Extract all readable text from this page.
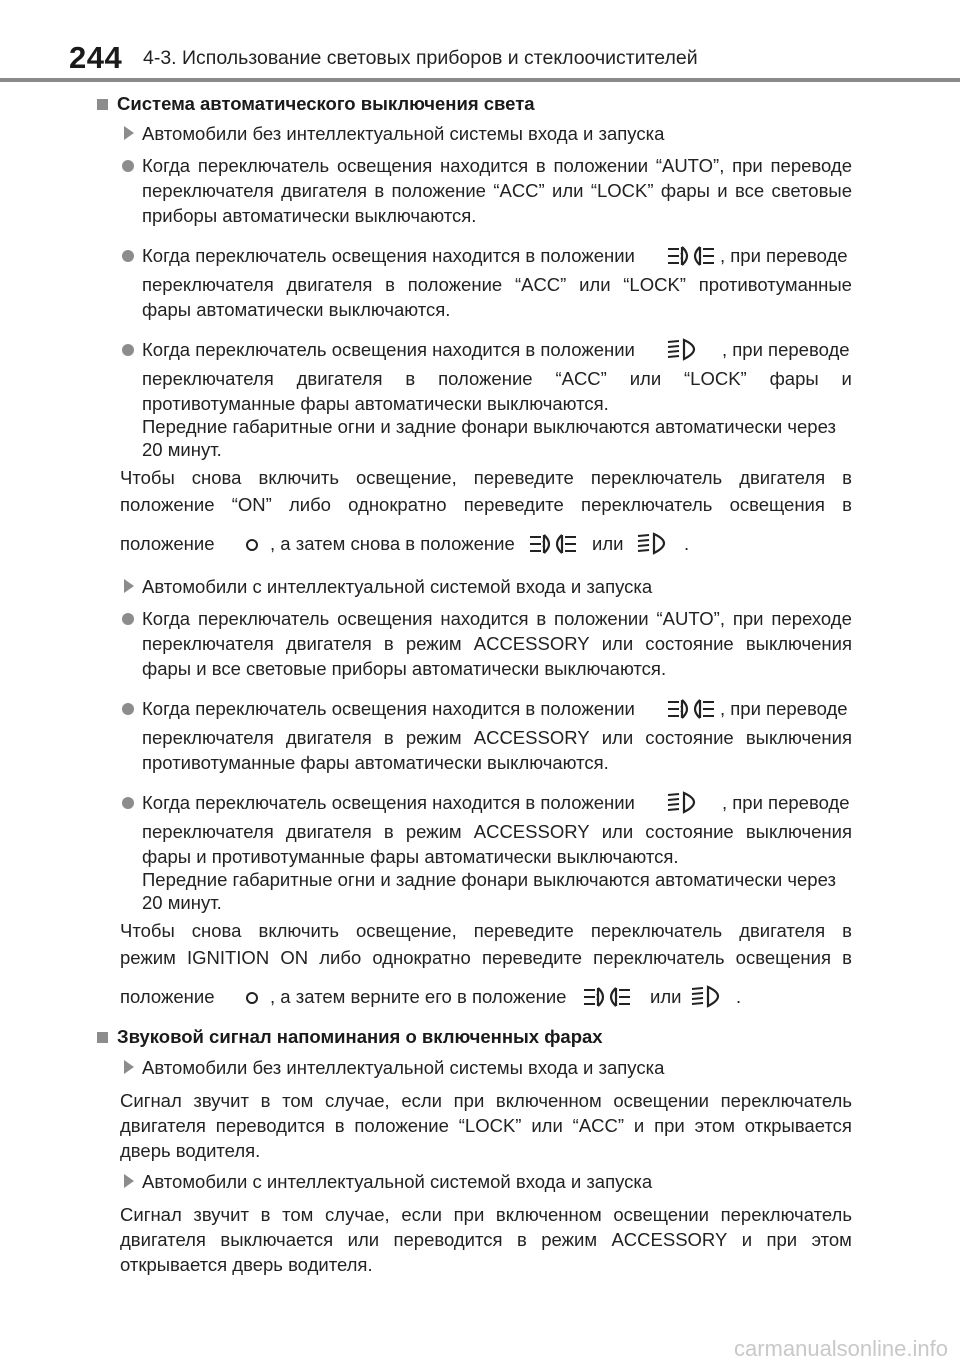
244 4-3. Использование световых приборов и стеклоочистителей
Система автоматического выключения света
Автомобили без интеллектуальной системы входа и запуска
Когда переключатель освещения находится в положении “AUTO”, при переводе
переключателя двигателя в положение “ACC” или “LOCK” фары и все световые
приборы автоматически выключаются.
Когда переключатель освещения находится в положении	, при переводе
переключателя двигателя в положение “ACC” или “LOCK” противотуманные
фары автоматически выключаются.
Когда переключатель освещения находится в положении	, при переводе
переключателя двигателя в положение “ACC” или “LOCK” фары и
противотуманные фары автоматически выключаются.
Передние габаритные огни и задние фонари выключаются автоматически через
20 минут.
Чтобы снова включить освещение, переведите переключатель двигателя в
положение “ON” либо однократно переведите переключатель освещения в
положение	, а затем снова в положение	или	.
Автомобили с интеллектуальной системой входа и запуска
Когда переключатель освещения находится в положении “AUTO”, при переходе
переключателя двигателя в режим ACCESSORY или состояние выключения
фары и все световые приборы автоматически выключаются.
Когда переключатель освещения находится в положении	, при переводе
переключателя двигателя в режим ACCESSORY или состояние выключения
противотуманные фары автоматически выключаются.
Когда переключатель освещения находится в положении	, при переводе
переключателя двигателя в режим ACCESSORY или состояние выключения
фары и противотуманные фары автоматически выключаются.
Передние габаритные огни и задние фонари выключаются автоматически через
20 минут.
Чтобы снова включить освещение, переведите переключатель двигателя в
режим IGNITION ON либо однократно переведите переключатель освещения в
положение	, а затем верните его в положение	или	.
Звуковой сигнал напоминания о включенных фарах
Автомобили без интеллектуальной системы входа и запуска
Сигнал звучит в том случае, если при включенном освещении переключатель
двигателя переводится в положение “LOCK” или “ACC” и при этом открывается
дверь водителя.
Автомобили с интеллектуальной системой входа и запуска
Сигнал звучит в том случае, если при включенном освещении переключатель
двигателя выключается или переводится в режим ACCESSORY и при этом
открывается дверь водителя.
carmanualsonline.info
